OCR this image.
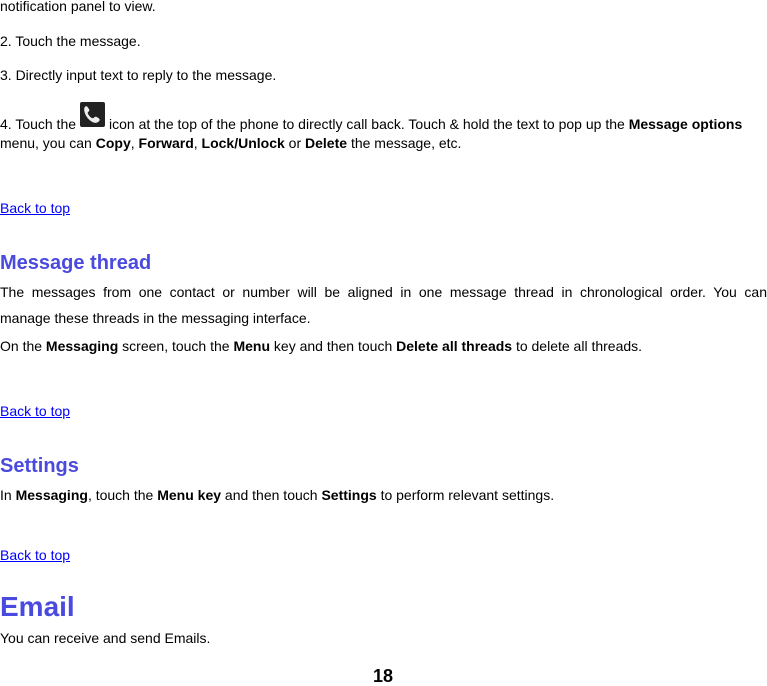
notification panel to view.
2. Touch the message.
3. Directly input text to reply to the message.
4. Touch the icon at the top of the phone to directly call back. Touch & hold the text to pop up the Message options
menu, you can Copy, Forward, Lock/Unlock or Delete the message, etc.
Back to top
Message thread
The messages from one contact or number will be aligned in one message thread in chronological order. You can
manage these threads in the messaging interface.
On the Messaging screen, touch the Menu key and then touch Delete all threads to delete all threads.
Back to top
Settings
In Messaging, touch the Menu key and then touch Settings to perform relevant settings.
Back to top
Email
You can receive and send Emails.
18
